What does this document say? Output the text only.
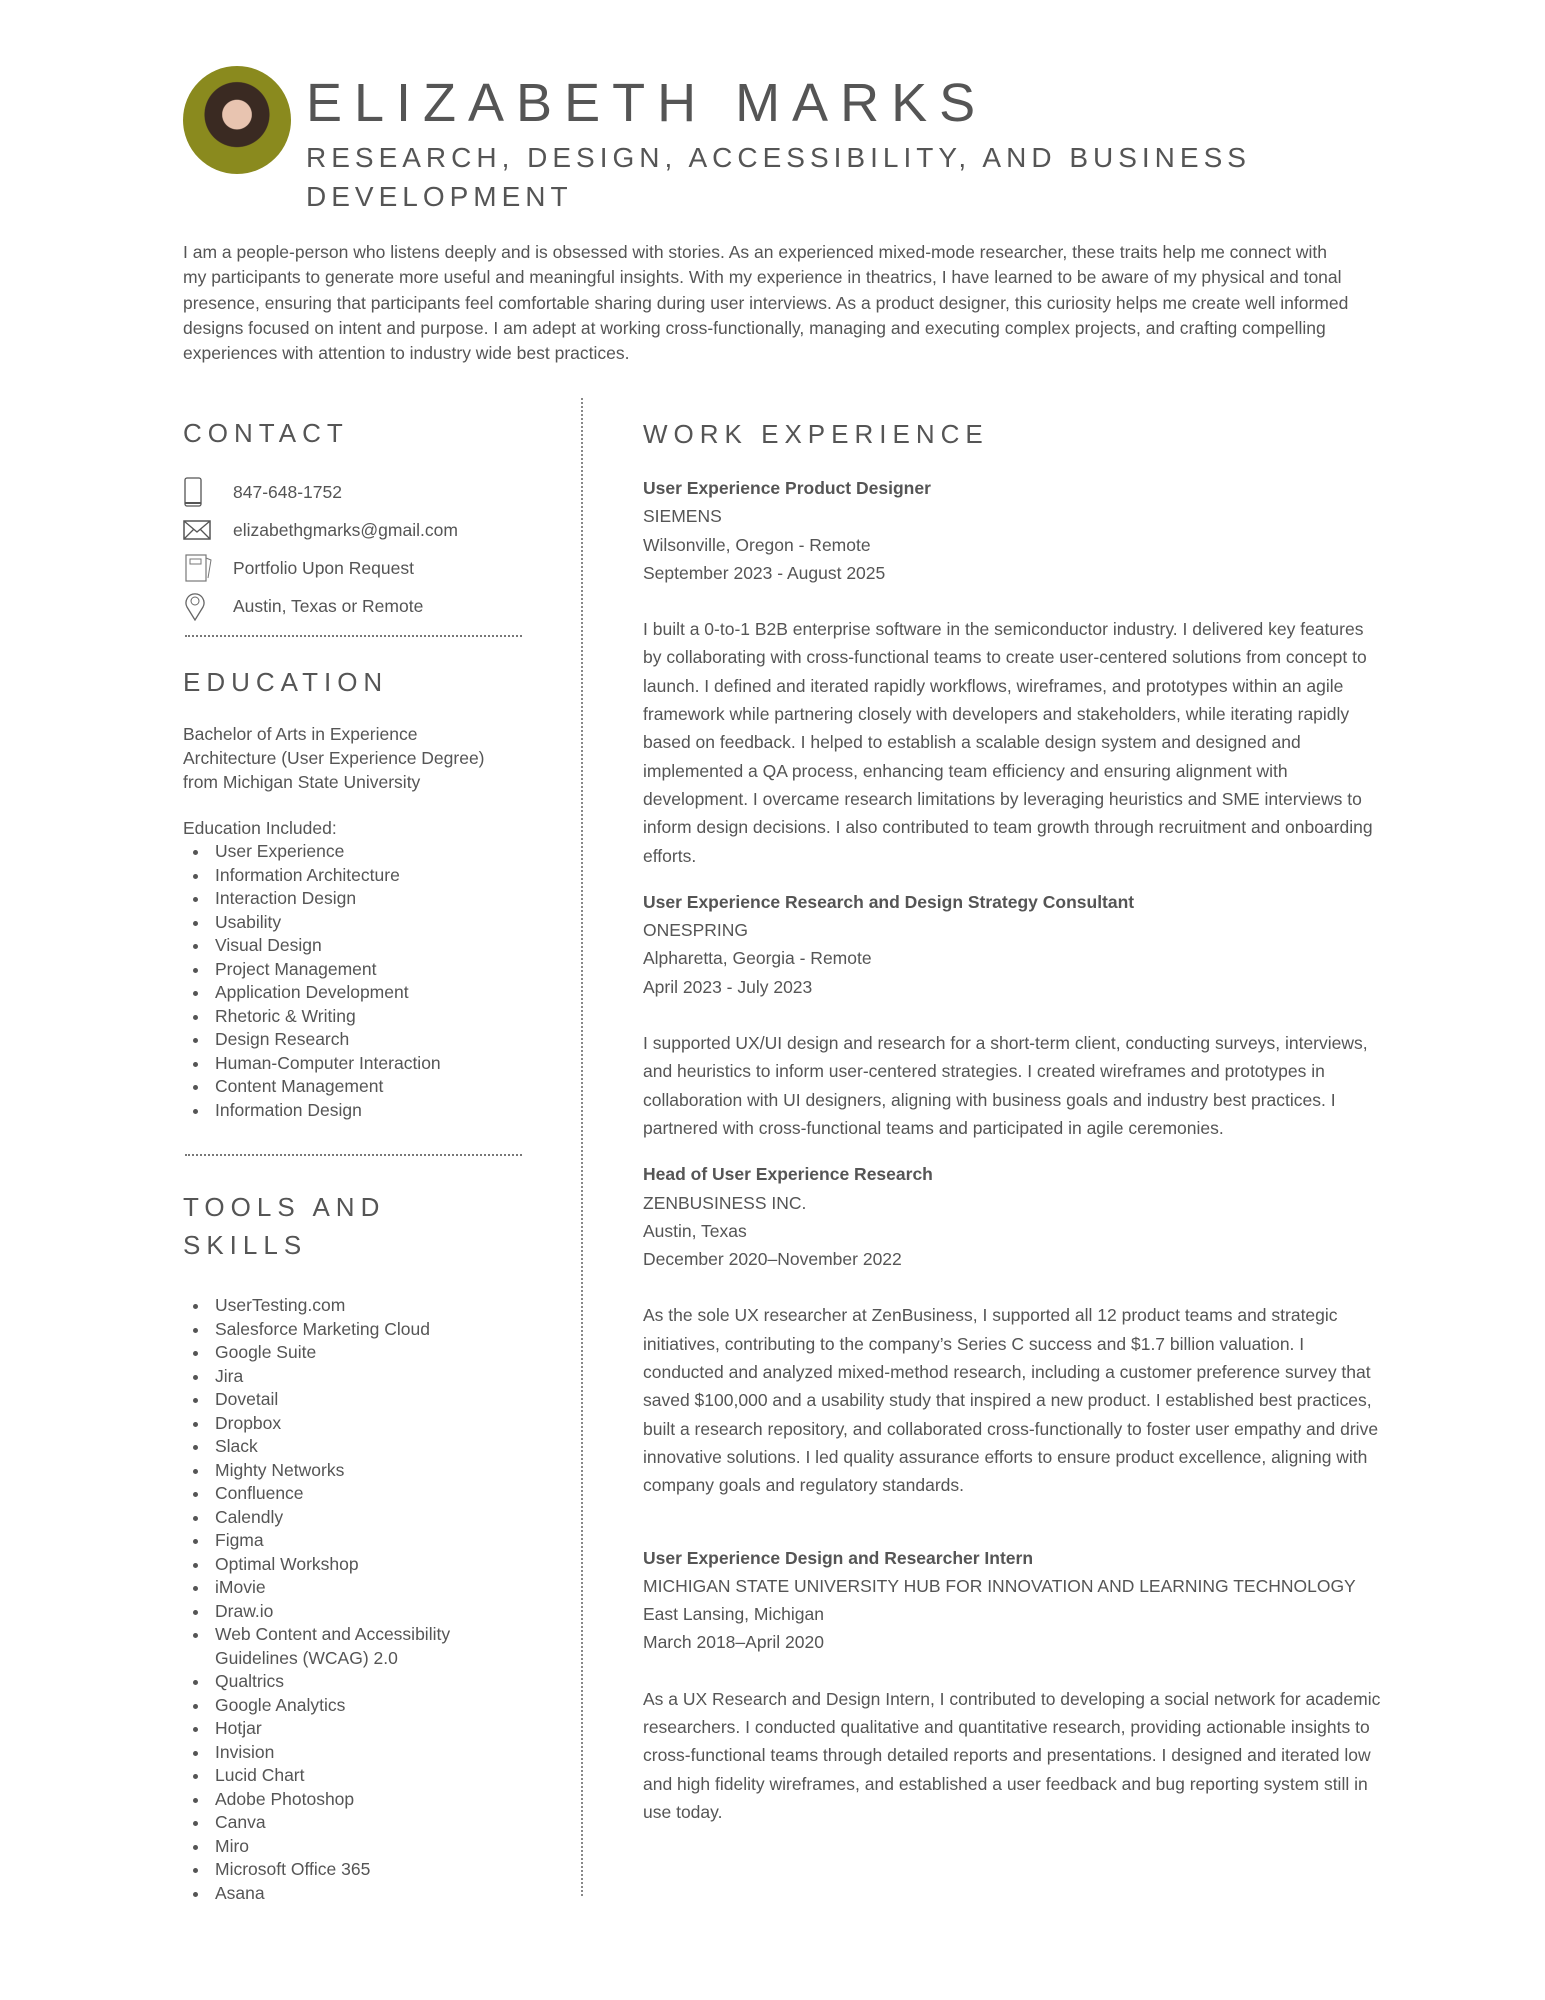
ELIZABETH MARKS
RESEARCH, DESIGN, ACCESSIBILITY, AND BUSINESS DEVELOPMENT

I am a people-person who listens deeply and is obsessed with stories. As an experienced mixed-mode researcher, these traits help me connect with my participants to generate more useful and meaningful insights. With my experience in theatrics, I have learned to be aware of my physical and tonal presence, ensuring that participants feel comfortable sharing during user interviews. As a product designer, this curiosity helps me create well informed designs focused on intent and purpose. I am adept at working cross-functionally, managing and executing complex projects, and crafting compelling experiences with attention to industry wide best practices.

CONTACT
847-648-1752
elizabethgmarks@gmail.com
Portfolio Upon Request
Austin, Texas or Remote
EDUCATION

Bachelor of Arts in Experience Architecture (User Experience Degree) from Michigan State University

Education Included:

User Experience
Information Architecture
Interaction Design
Usability
Visual Design
Project Management
Application Development
Rhetoric & Writing
Design Research
Human-Computer Interaction
Content Management
Information Design
TOOLS AND SKILLS
UserTesting.com
Salesforce Marketing Cloud
Google Suite
Jira
Dovetail
Dropbox
Slack
Mighty Networks
Confluence
Calendly
Figma
Optimal Workshop
iMovie
Draw.io
Web Content and Accessibility Guidelines (WCAG) 2.0
Qualtrics
Google Analytics
Hotjar
Invision
Lucid Chart
Adobe Photoshop
Canva
Miro
Microsoft Office 365
Asana
WORK EXPERIENCE
User Experience Product Designer
SIEMENS
Wilsonville, Oregon - Remote
September 2023 - August 2025

I built a 0-to-1 B2B enterprise software in the semiconductor industry. I delivered key features by collaborating with cross-functional teams to create user-centered solutions from concept to launch. I defined and iterated rapidly workflows, wireframes, and prototypes within an agile framework while partnering closely with developers and stakeholders, while iterating rapidly based on feedback. I helped to establish a scalable design system and designed and implemented a QA process, enhancing team efficiency and ensuring alignment with development. I overcame research limitations by leveraging heuristics and SME interviews to inform design decisions. I also contributed to team growth through recruitment and onboarding efforts.

User Experience Research and Design Strategy Consultant
ONESPRING
Alpharetta, Georgia - Remote
April 2023 - July 2023

I supported UX/UI design and research for a short-term client, conducting surveys, interviews, and heuristics to inform user-centered strategies. I created wireframes and prototypes in collaboration with UI designers, aligning with business goals and industry best practices. I partnered with cross-functional teams and participated in agile ceremonies.

Head of User Experience Research
ZENBUSINESS INC.
Austin, Texas
December 2020–November 2022

As the sole UX researcher at ZenBusiness, I supported all 12 product teams and strategic initiatives, contributing to the company’s Series C success and $1.7 billion valuation. I conducted and analyzed mixed-method research, including a customer preference survey that saved $100,000 and a usability study that inspired a new product. I established best practices, built a research repository, and collaborated cross-functionally to foster user empathy and drive innovative solutions. I led quality assurance efforts to ensure product excellence, aligning with company goals and regulatory standards.

User Experience Design and Researcher Intern
MICHIGAN STATE UNIVERSITY HUB FOR INNOVATION AND LEARNING TECHNOLOGY
East Lansing, Michigan
March 2018–April 2020

As a UX Research and Design Intern, I contributed to developing a social network for academic researchers. I conducted qualitative and quantitative research, providing actionable insights to cross-functional teams through detailed reports and presentations. I designed and iterated low and high fidelity wireframes, and established a user feedback and bug reporting system still in use today.
